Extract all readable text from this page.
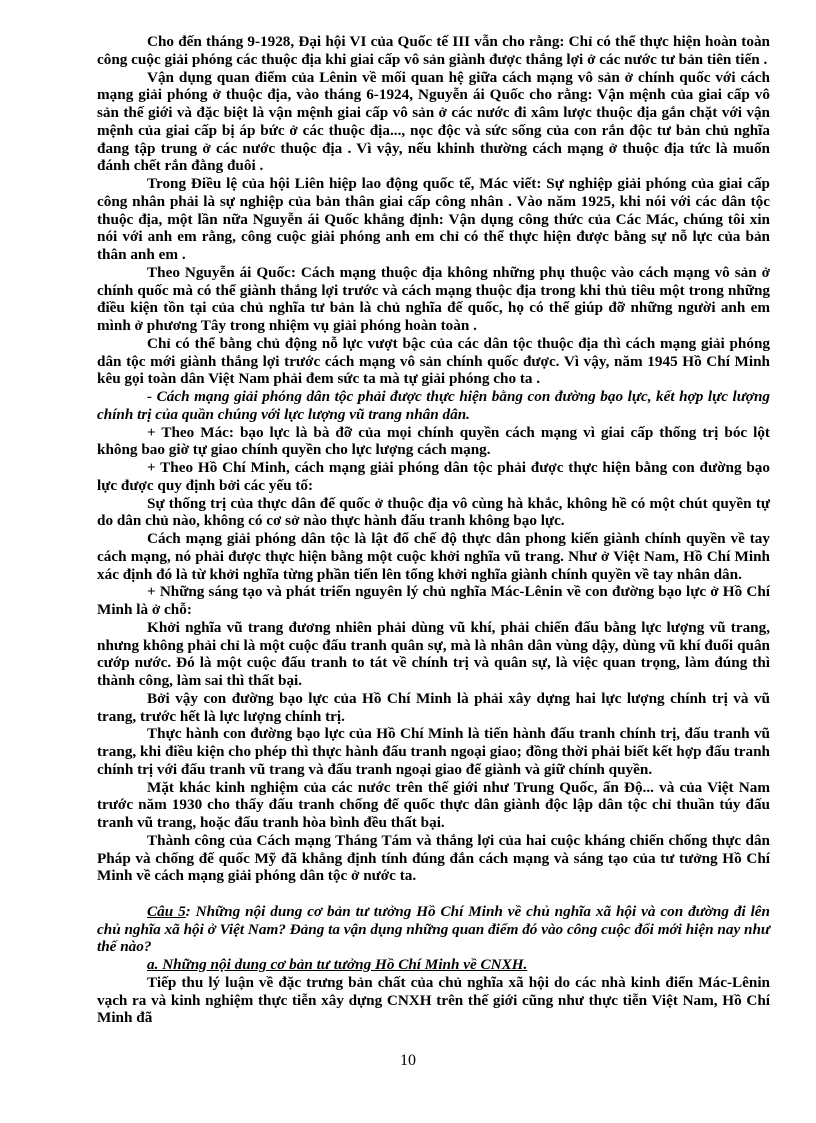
Cho đến tháng 9-1928, Đại hội VI của Quốc tế III vẫn cho rằng: Chỉ có thể thực hiện hoàn toàn công cuộc giải phóng các thuộc địa khi giai cấp vô sản giành được thắng lợi ở các nước tư bản tiên tiến .

Vận dụng quan điểm của Lênin về mối quan hệ giữa cách mạng vô sản ở chính quốc với cách mạng giải phóng ở thuộc địa, vào tháng 6-1924, Nguyễn ái Quốc cho rằng: Vận mệnh của giai cấp vô sản thế giới và đặc biệt là vận mệnh giai cấp vô sản ở các nước đi xâm lược thuộc địa gắn chặt với vận mệnh của giai cấp bị áp bức ở các thuộc địa..., nọc độc và sức sống của con rắn độc tư bản chủ nghĩa đang tập trung ở các nước thuộc địa . Vì vậy, nếu khinh thường cách mạng ở thuộc địa tức là muốn đánh chết rắn đằng đuôi .

Trong Điều lệ của hội Liên hiệp lao động quốc tế, Mác viết: Sự nghiệp giải phóng của giai cấp công nhân phải là sự nghiệp của bản thân giai cấp công nhân . Vào năm 1925, khi nói với các dân tộc thuộc địa, một lần nữa Nguyễn ái Quốc khẳng định: Vận dụng công thức của Các Mác, chúng tôi xin nói với anh em rằng, công cuộc giải phóng anh em chỉ có thể thực hiện được bằng sự nỗ lực của bản thân anh em .

Theo Nguyễn ái Quốc: Cách mạng thuộc địa không những phụ thuộc vào cách mạng vô sản ở chính quốc mà có thể giành thắng lợi trước và cách mạng thuộc địa trong khi thủ tiêu một trong những điều kiện tồn tại của chủ nghĩa tư bản là chủ nghĩa đế quốc, họ có thể giúp đỡ những người anh em mình ở phương Tây trong nhiệm vụ giải phóng hoàn toàn .

Chỉ có thể bằng chủ động nỗ lực vượt bậc của các dân tộc thuộc địa thì cách mạng giải phóng dân tộc mới giành thắng lợi trước cách mạng vô sản chính quốc được. Vì vậy, năm 1945 Hồ Chí Minh kêu gọi toàn dân Việt Nam phải đem sức ta mà tự giải phóng cho ta .

- Cách mạng giải phóng dân tộc phải được thực hiện bằng con đường bạo lực, kết hợp lực lượng chính trị của quần chúng với lực lượng vũ trang nhân dân.

+ Theo Mác: bạo lực là bà đỡ của mọi chính quyền cách mạng vì giai cấp thống trị bóc lột không bao giờ tự giao chính quyền cho lực lượng cách mạng.

+ Theo Hồ Chí Minh, cách mạng giải phóng dân tộc phải được thực hiện bằng con đường bạo lực được quy định bởi các yếu tố:

Sự thống trị của thực dân đế quốc ở thuộc địa vô cùng hà khắc, không hề có một chút quyền tự do dân chủ nào, không có cơ sở nào thực hành đấu tranh không bạo lực.

Cách mạng giải phóng dân tộc là lật đổ chế độ thực dân phong kiến giành chính quyền về tay cách mạng, nó phải được thực hiện bằng một cuộc khởi nghĩa vũ trang. Như ở Việt Nam, Hồ Chí Minh xác định đó là từ khởi nghĩa từng phần tiến lên tổng khởi nghĩa giành chính quyền về tay nhân dân.

+ Những sáng tạo và phát triển nguyên lý chủ nghĩa Mác-Lênin về con đường bạo lực ở Hồ Chí Minh là ở chỗ:

Khởi nghĩa vũ trang đương nhiên phải dùng vũ khí, phải chiến đấu bằng lực lượng vũ trang, nhưng không phải chỉ là một cuộc đấu tranh quân sự, mà là nhân dân vùng dậy, dùng vũ khí đuổi quân cướp nước. Đó là một cuộc đấu tranh to tát về chính trị và quân sự, là việc quan trọng, làm đúng thì thành công, làm sai thì thất bại.

Bởi vậy con đường bạo lực của Hồ Chí Minh là phải xây dựng hai lực lượng chính trị và vũ trang, trước hết là lực lượng chính trị.

Thực hành con đường bạo lực của Hồ Chí Minh là tiến hành đấu tranh chính trị, đấu tranh vũ trang, khi điều kiện cho phép thì thực hành đấu tranh ngoại giao; đồng thời phải biết kết hợp đấu tranh chính trị với đấu tranh vũ trang và đấu tranh ngoại giao để giành và giữ chính quyền.

Mặt khác kinh nghiệm của các nước trên thế giới như Trung Quốc, ấn Độ... và của Việt Nam trước năm 1930 cho thấy đấu tranh chống đế quốc thực dân giành độc lập dân tộc chỉ thuần túy đấu tranh vũ trang, hoặc đấu tranh hòa bình đều thất bại.

Thành công của Cách mạng Tháng Tám và thắng lợi của hai cuộc kháng chiến chống thực dân Pháp và chống đế quốc Mỹ đã khẳng định tính đúng đắn cách mạng và sáng tạo của tư tưởng Hồ Chí Minh về cách mạng giải phóng dân tộc ở nước ta.

Câu 5: Những nội dung cơ bản tư tưởng Hồ Chí Minh về chủ nghĩa xã hội và con đường đi lên chủ nghĩa xã hội ở Việt Nam? Đảng ta vận dụng những quan điểm đó vào công cuộc đổi mới hiện nay như thế nào?

a. Những nội dung cơ bản tư tưởng Hồ Chí Minh về CNXH.

Tiếp thu lý luận về đặc trưng bản chất của chủ nghĩa xã hội do các nhà kinh điển Mác-Lênin vạch ra và kinh nghiệm thực tiễn xây dựng CNXH trên thế giới cũng như thực tiễn Việt Nam, Hồ Chí Minh đã

10
